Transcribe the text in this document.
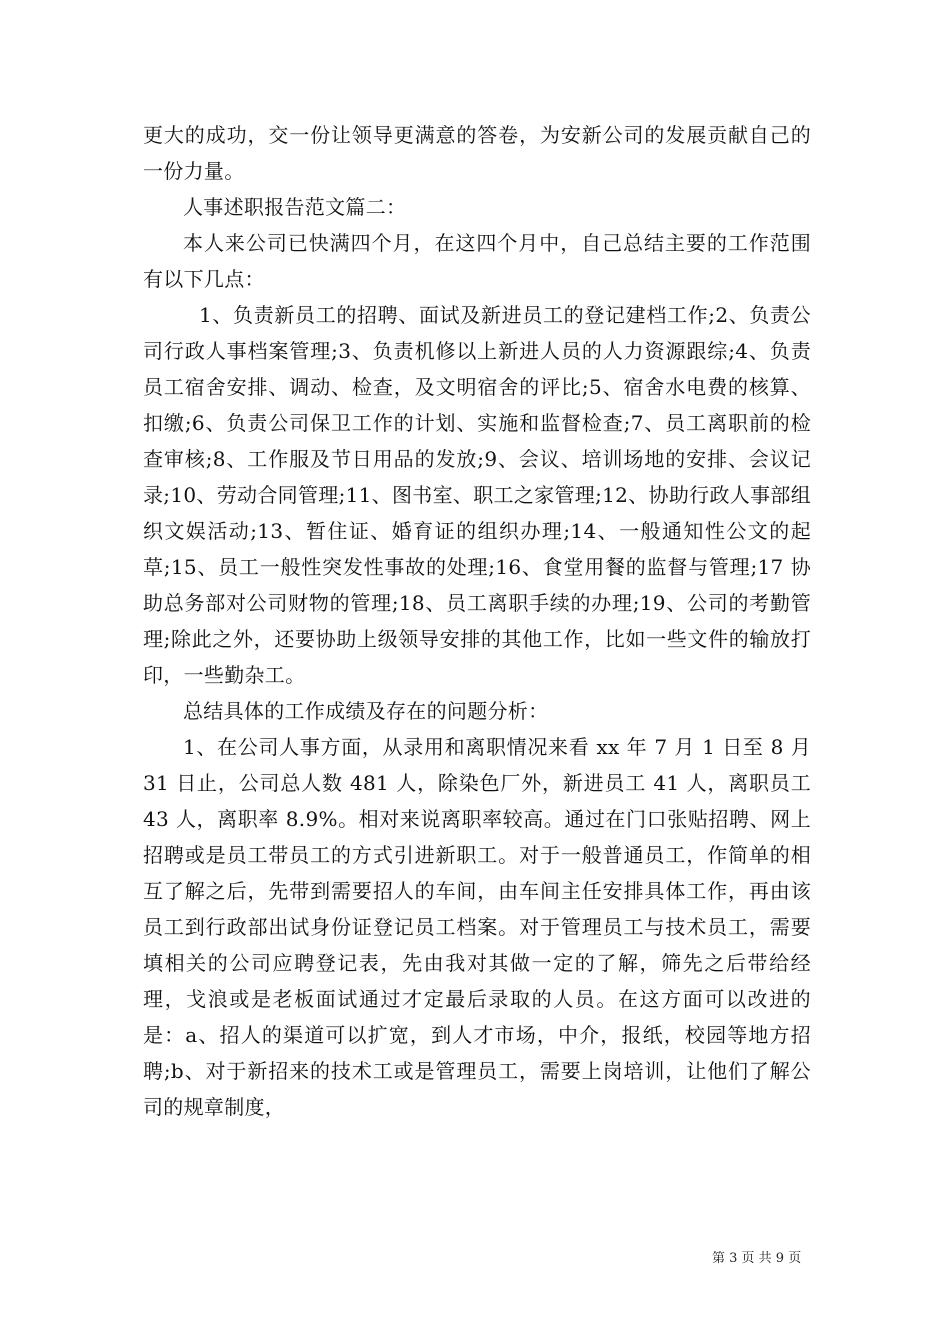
更大的成功，交一份让领导更满意的答卷，为安新公司的发展贡献自己的一份力量。

人事述职报告范文篇二：

本人来公司已快满四个月，在这四个月中，自己总结主要的工作范围有以下几点：

1、负责新员工的招聘、面试及新进员工的登记建档工作;2、负责公司行政人事档案管理;3、负责机修以上新进人员的人力资源跟综;4、负责员工宿舍安排、调动、检查，及文明宿舍的评比;5、宿舍水电费的核算、扣缴;6、负责公司保卫工作的计划、实施和监督检查;7、员工离职前的检查审核;8、工作服及节日用品的发放;9、会议、培训场地的安排、会议记录;10、劳动合同管理;11、图书室、职工之家管理;12、协助行政人事部组织文娱活动;13、暂住证、婚育证的组织办理;14、一般通知性公文的起草;15、员工一般性突发性事故的处理;16、食堂用餐的监督与管理;17 协助总务部对公司财物的管理;18、员工离职手续的办理;19、公司的考勤管理;除此之外，还要协助上级领导安排的其他工作，比如一些文件的输放打印，一些勤杂工。

总结具体的工作成绩及存在的问题分析：

1、在公司人事方面，从录用和离职情况来看 xx 年 7 月 1 日至 8 月 31 日止，公司总人数 481 人，除染色厂外，新进员工 41 人，离职员工 43 人，离职率 8.9%。相对来说离职率较高。通过在门口张贴招聘、网上招聘或是员工带员工的方式引进新职工。对于一般普通员工，作简单的相互了解之后，先带到需要招人的车间，由车间主任安排具体工作，再由该员工到行政部出试身份证登记员工档案。对于管理员工与技术员工，需要填相关的公司应聘登记表，先由我对其做一定的了解，筛先之后带给经理，戈浪或是老板面试通过才定最后录取的人员。在这方面可以改进的是：a、招人的渠道可以扩宽，到人才市场，中介，报纸，校园等地方招聘;b、对于新招来的技术工或是管理员工，需要上岗培训，让他们了解公司的规章制度，

第 3 页 共 9 页
